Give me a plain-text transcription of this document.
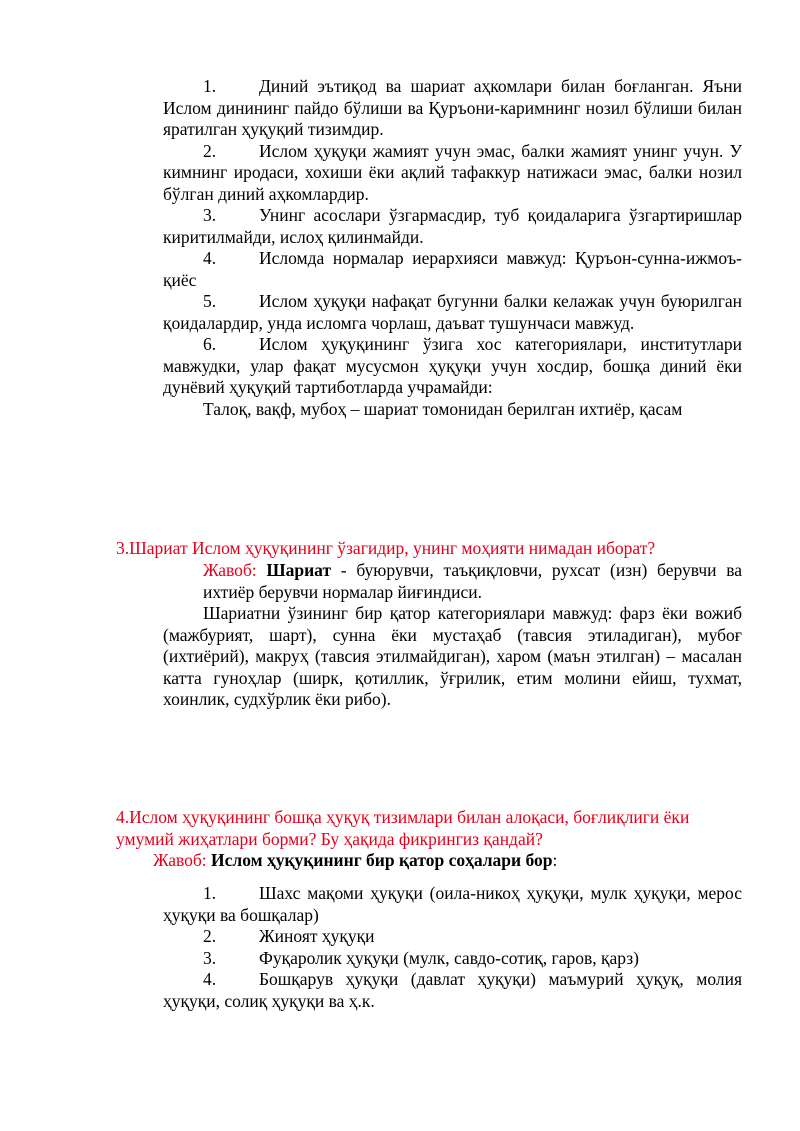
1. Диний эътиқод ва шариат аҳкомлари билан боғланган. Яъни Ислом динининг пайдо бўлиши ва Қуръони-каримнинг нозил бўлиши билан яратилган ҳуқуқий тизимдир.
2. Ислом ҳуқуқи жамият учун эмас, балки жамият унинг учун. У кимнинг иродаси, хохиши ёки ақлий тафаккур натижаси эмас, балки нозил бўлган диний аҳкомлардир.
3. Унинг асослари ўзгармасдир, туб қоидаларига ўзгартиришлар киритилмайди, ислоҳ қилинмайди.
4. Исломда нормалар иерархияси мавжуд: Қуръон-сунна-ижмоъ-қиёс
5. Ислом ҳуқуқи нафақат бугунни балки келажак учун буюрилган қоидалардир, унда исломга чорлаш, даъват тушунчаси мавжуд.
6. Ислом ҳуқуқининг ўзига хос категориялари, институтлари мавжудки, улар фақат мусусмон ҳуқуқи учун хосдир, бошқа диний ёки дунёвий ҳуқуқий тартиботларда учрамайди:
Талоқ, вақф, мубоҳ – шариат томонидан берилган ихтиёр, қасам
3.Шариат Ислом ҳуқуқининг ўзагидир, унинг моҳияти нимадан иборат?
Жавоб: Шариат - буюрувчи, таъқиқловчи, рухсат (изн) берувчи ва ихтиёр берувчи нормалар йиғиндиси.
Шариатни ўзининг бир қатор категориялари мавжуд: фарз ёки вожиб (мажбурият, шарт), сунна ёки мустаҳаб (тавсия этиладиган), мубоғ (ихтиёрий), макруҳ (тавсия этилмайдиган), харом (маън этилган) – масалан катта гуноҳлар (ширк, қотиллик, ўғрилик, етим молини ейиш, тухмат, хоинлик, судхўрлик ёки рибо).
4.Ислом ҳуқуқининг бошқа ҳуқуқ тизимлари билан алоқаси, боғлиқлиги ёки умумий жиҳатлари борми? Бу ҳақида фикрингиз қандай?
Жавоб: Ислом ҳуқуқининг бир қатор соҳалари бор:
1. Шахс мақоми ҳуқуқи (оила-никоҳ ҳуқуқи, мулк ҳуқуқи, мерос ҳуқуқи ва бошқалар)
2. Жиноят ҳуқуқи
3. Фуқаролик ҳуқуқи (мулк, савдо-сотиқ, гаров, қарз)
4. Бошқарув ҳуқуқи (давлат ҳуқуқи) маъмурий ҳуқуқ, молия ҳуқуқи, солиқ ҳуқуқи ва ҳ.к.
